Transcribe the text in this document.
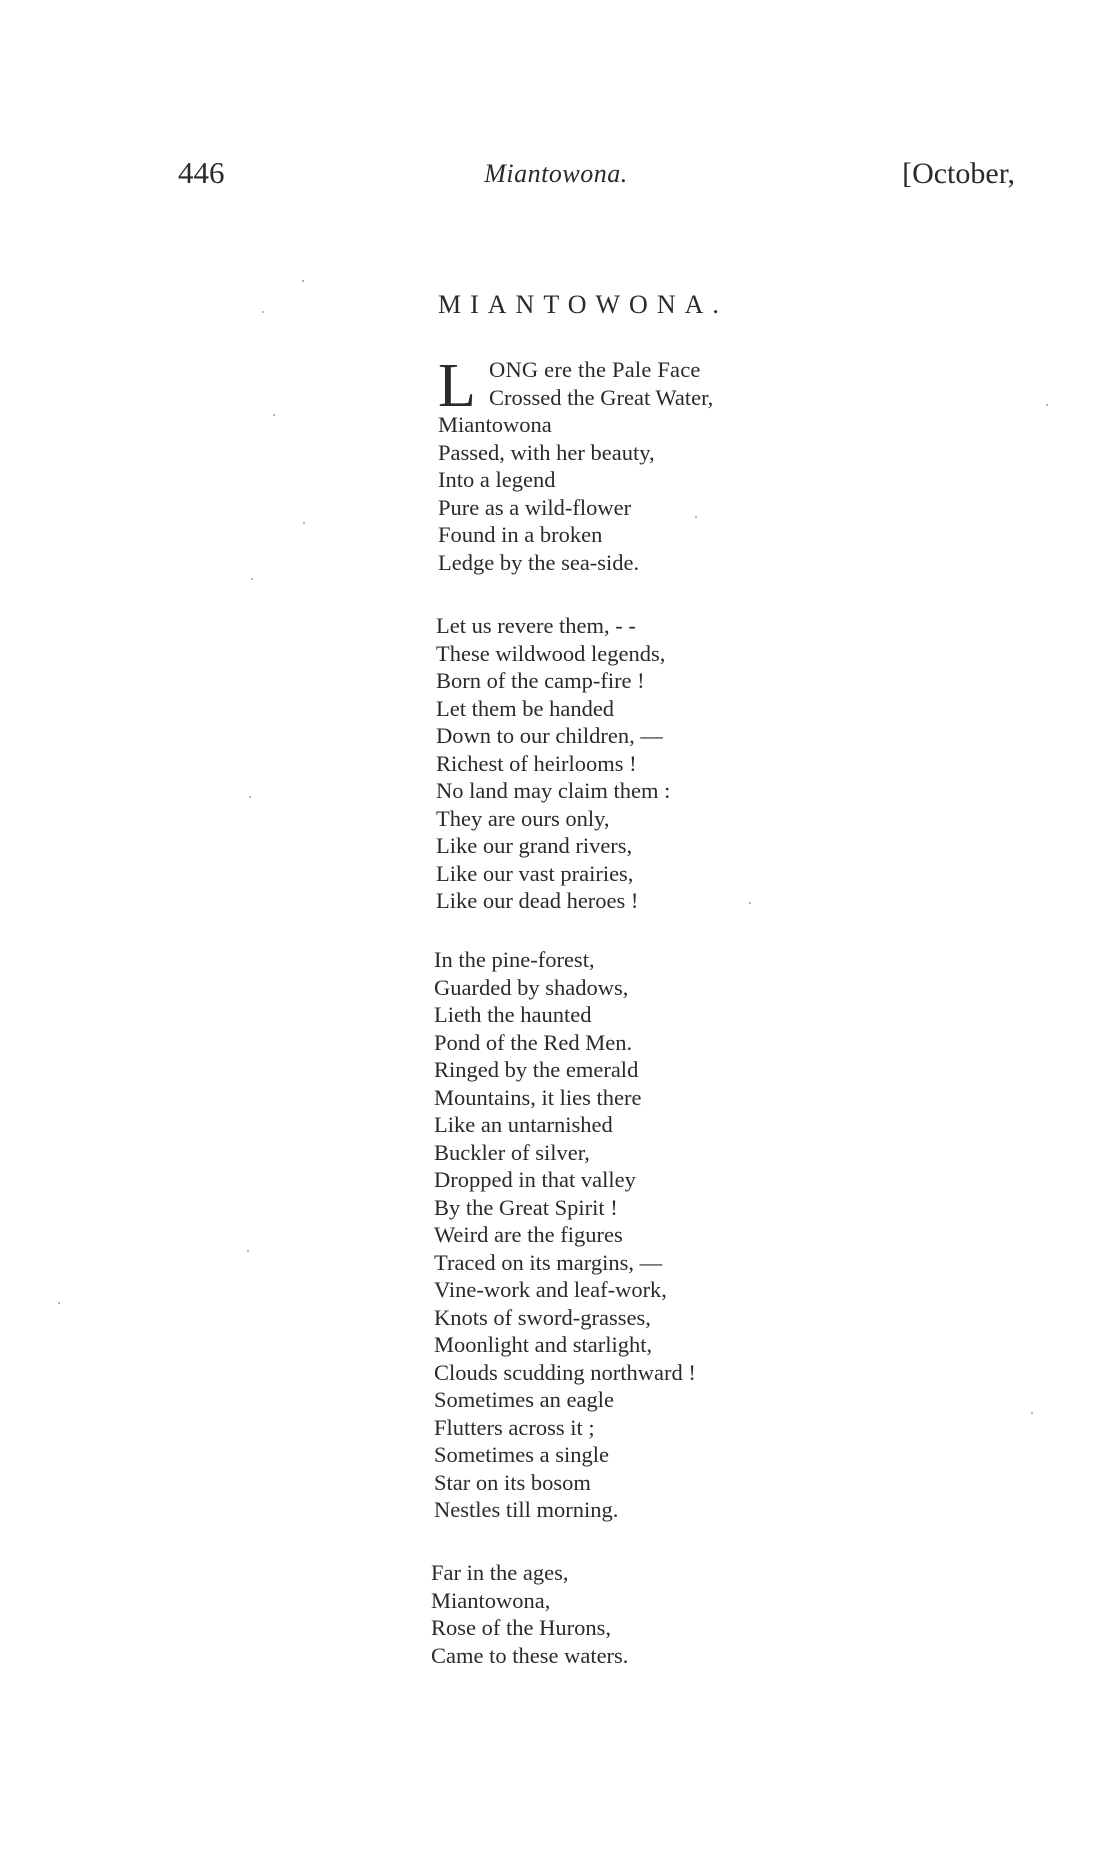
446	Miantowona.	[October,
MIANTOWONA.
L ONG ere the Pale Face
Crossed the Great Water,
Miantowona
Passed, with her beauty,
Into a legend
Pure as a wild-flower
Found in a broken
Ledge by the sea-side.
Let us revere them, - -
These wildwood legends,
Born of the camp-fire !
Let them be handed
Down to our children, —
Richest of heirlooms !
No land may claim them :
They are ours only,
Like our grand rivers,
Like our vast prairies,
Like our dead heroes !
In the pine-forest,
Guarded by shadows,
Lieth the haunted
Pond of the Red Men.
Ringed by the emerald
Mountains, it lies there
Like an untarnished
Buckler of silver,
Dropped in that valley
By the Great Spirit !
Weird are the figures
Traced on its margins, —
Vine-work and leaf-work,
Knots of sword-grasses,
Moonlight and starlight,
Clouds scudding northward !
Sometimes an eagle
Flutters across it ;
Sometimes a single
Star on its bosom
Nestles till morning.
Far in the ages,
Miantowona,
Rose of the Hurons,
Came to these waters.
